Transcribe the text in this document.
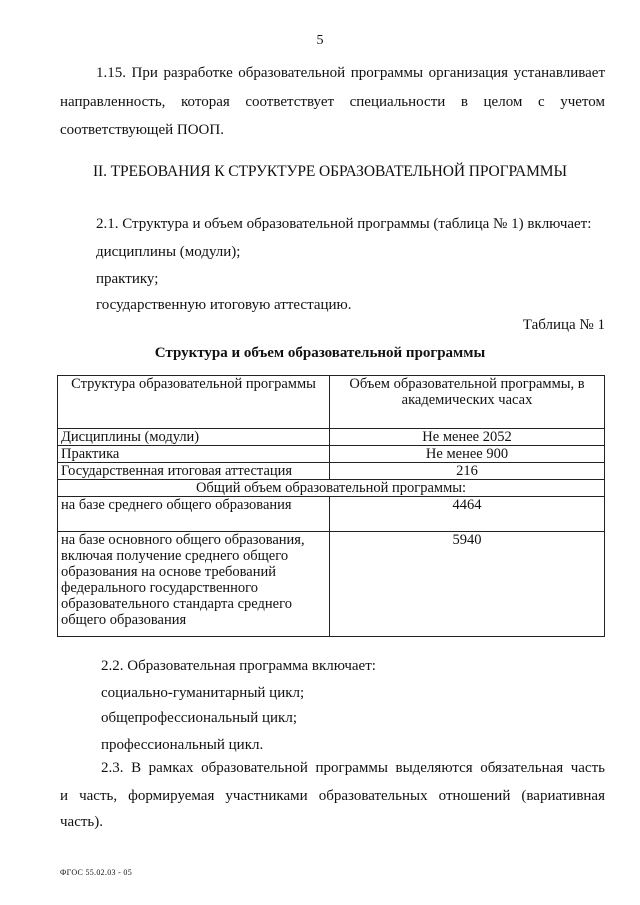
5
1.15. При разработке образовательной программы организация устанавливает
направленность, которая соответствует специальности в целом с учетом
соответствующей ПООП.
II. ТРЕБОВАНИЯ К СТРУКТУРЕ ОБРАЗОВАТЕЛЬНОЙ ПРОГРАММЫ
2.1. Структура и объем образовательной программы (таблица № 1) включает:
дисциплины (модули);
практику;
государственную итоговую аттестацию.
Таблица № 1
Структура и объем образовательной программы
Структура образовательной программы	Объем образовательной программы, в академических часах
Дисциплины (модули)	Не менее 2052
Практика	Не менее 900
Государственная итоговая аттестация	216
Общий объем образовательной программы:	
на базе среднего общего образования	4464
на базе основного общего образования, включая получение среднего общего образования на основе требований федерального государственного образовательного стандарта среднего общего образования	5940
2.2. Образовательная программа включает:
социально-гуманитарный цикл;
общепрофессиональный цикл;
профессиональный цикл.
2.3. В рамках образовательной программы выделяются обязательная часть
и часть, формируемая участниками образовательных отношений (вариативная
часть).
ФГОС 55.02.03 - 05
